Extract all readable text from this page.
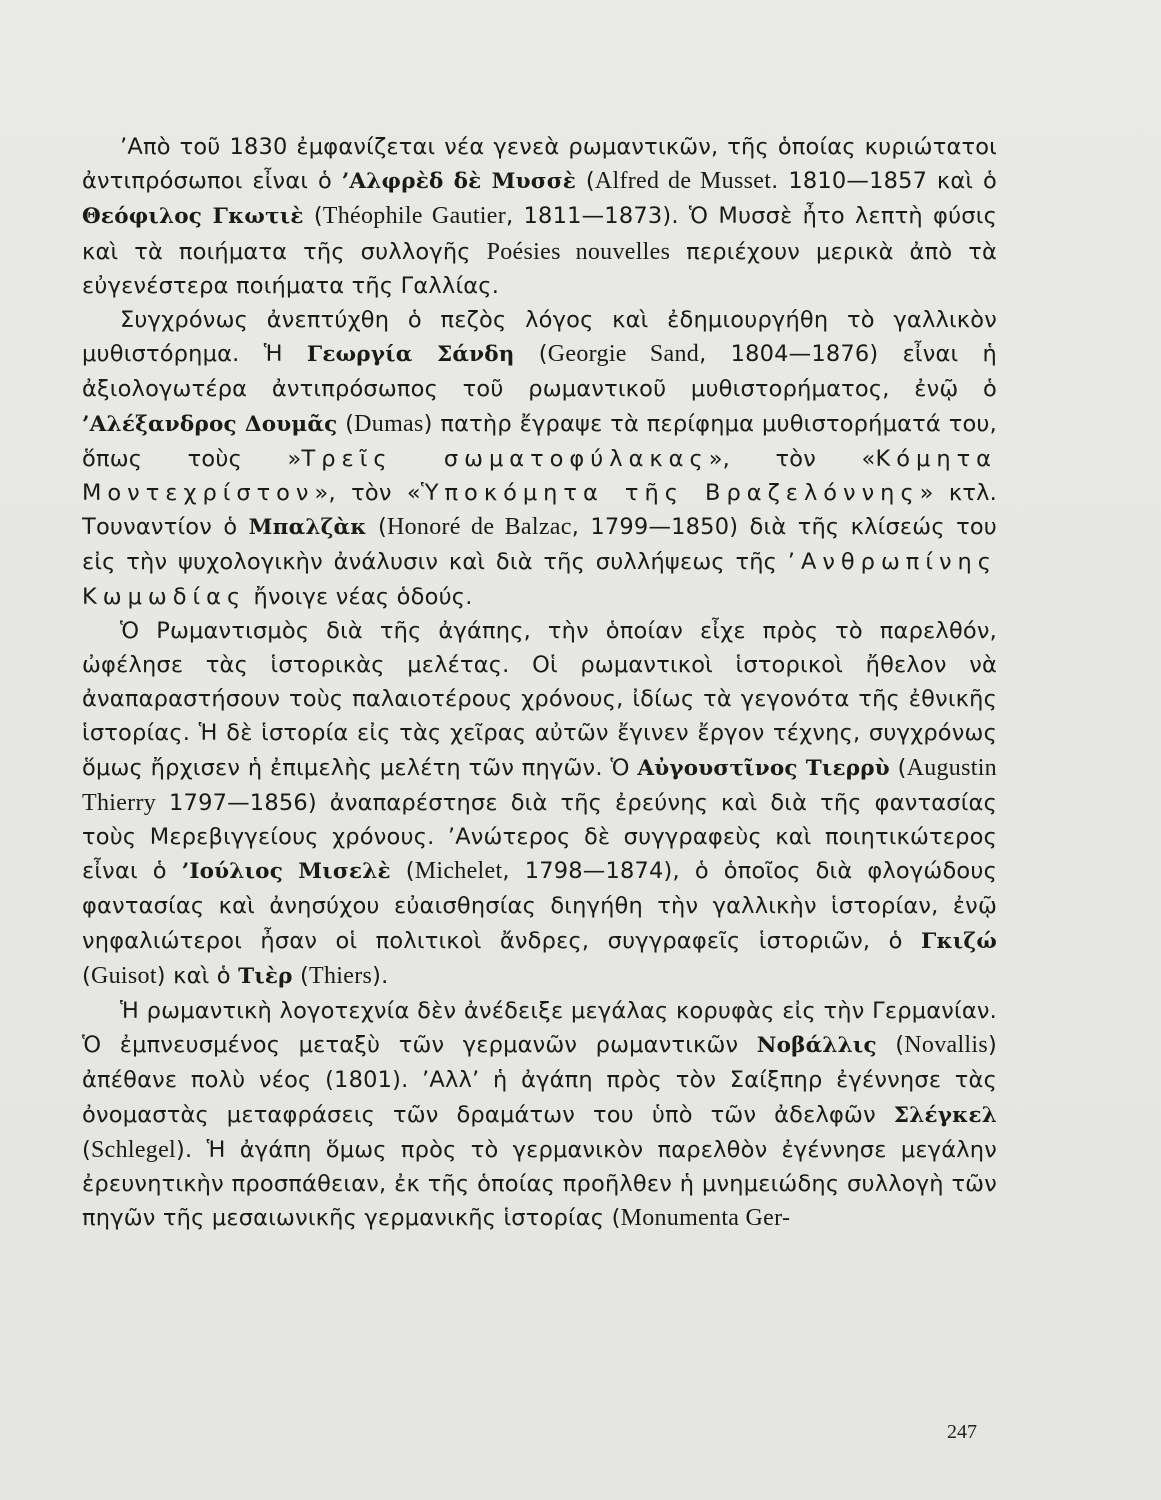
’Απὸ τοῦ 1830 ἐμφανίζεται νέα γενεὰ ρωμαντικῶν, τῆς ὁποίας κυριώτατοι ἀντιπρόσωποι εἶναι ὁ ’Αλφρὲδ δὲ Μυσσὲ (Alfred de Musset. 1810—1857 καὶ ὁ Θεόφιλος Γκωτιὲ (Théophile Gautier, 1811—1873). Ὁ Μυσσὲ ἦτο λεπτὴ φύσις καὶ τὰ ποιήματα τῆς συλλογῆς Poésies nouvelles περιέχουν μερικὰ ἀπὸ τὰ εὐγενέστερα ποιήματα τῆς Γαλλίας.

Συγχρόνως ἀνεπτύχθη ὁ πεζὸς λόγος καὶ ἐδημιουργήθη τὸ γαλλικὸν μυθιστόρημα. Ἡ Γεωργία Σάνδη (Georgie Sand, 1804—1876) εἶναι ἡ ἀξιολογωτέρα ἀντιπρόσωπος τοῦ ρωμαντικοῦ μυθιστορήματος, ἐνῷ ὁ ’Αλέξανδρος Δουμᾶς (Dumas) πατὴρ ἔγραψε τὰ περίφημα μυθιστορήματά του, ὅπως τοὺς »Τρεῖς σωματοφύλακας», τὸν «Κόμητα Μοντεχρίστον», τὸν «Ὑποκόμητα τῆς Βραζελόννης» κτλ. Τουναντίον ὁ Μπαλζὰκ (Honoré de Balzac, 1799—1850) διὰ τῆς κλίσεώς του εἰς τὴν ψυχολογικὴν ἀνάλυσιν καὶ διὰ τῆς συλλήψεως τῆς ’Ανθρωπίνης Κωμωδίας ἤνοιγε νέας ὁδούς.

Ὁ Ρωμαντισμὸς διὰ τῆς ἀγάπης, τὴν ὁποίαν εἶχε πρὸς τὸ παρελθόν, ὠφέλησε τὰς ἱστορικὰς μελέτας. Οἱ ρωμαντικοὶ ἱστορικοὶ ἤθελον νὰ ἀναπαραστήσουν τοὺς παλαιοτέρους χρόνους, ἰδίως τὰ γεγονότα τῆς ἐθνικῆς ἱστορίας. Ἡ δὲ ἱστορία εἰς τὰς χεῖρας αὐτῶν ἔγινεν ἔργον τέχνης, συγχρόνως ὅμως ἤρχισεν ἡ ἐπιμελὴς μελέτη τῶν πηγῶν. Ὁ Αὐγουστῖνος Τιερρὺ (Augustin Thierry 1797—1856) ἀναπαρέστησε διὰ τῆς ἐρεύνης καὶ διὰ τῆς φαντασίας τοὺς Μερεβιγγείους χρόνους. ’Ανώτερος δὲ συγγραφεὺς καὶ ποιητικώτερος εἶναι ὁ ’Ιούλιος Μισελὲ (Michelet, 1798—1874), ὁ ὁποῖος διὰ φλογώδους φαντασίας καὶ ἀνησύχου εὐαισθησίας διηγήθη τὴν γαλλικὴν ἱστορίαν, ἐνῷ νηφαλιώτεροι ἦσαν οἱ πολιτικοὶ ἄνδρες, συγγραφεῖς ἱστοριῶν, ὁ Γκιζώ (Guisot) καὶ ὁ Τιὲρ (Thiers).

Ἡ ρωμαντικὴ λογοτεχνία δὲν ἀνέδειξε μεγάλας κορυφὰς εἰς τὴν Γερμανίαν. Ὁ ἐμπνευσμένος μεταξὺ τῶν γερμανῶν ρωμαντικῶν Νοβάλλις (Novallis) ἀπέθανε πολὺ νέος (1801). ’Αλλ’ ἡ ἀγάπη πρὸς τὸν Σαίξπηρ ἐγέννησε τὰς ὀνομαστὰς μεταφράσεις τῶν δραμάτων του ὑπὸ τῶν ἀδελφῶν Σλέγκελ (Schlegel). Ἡ ἀγάπη ὅμως πρὸς τὸ γερμανικὸν παρελθὸν ἐγέννησε μεγάλην ἐρευνητικὴν προσπάθειαν, ἐκ τῆς ὁποίας προῆλθεν ἡ μνημειώδης συλλογὴ τῶν πηγῶν τῆς μεσαιωνικῆς γερμανικῆς ἱστορίας (Monumenta Ger-

247
